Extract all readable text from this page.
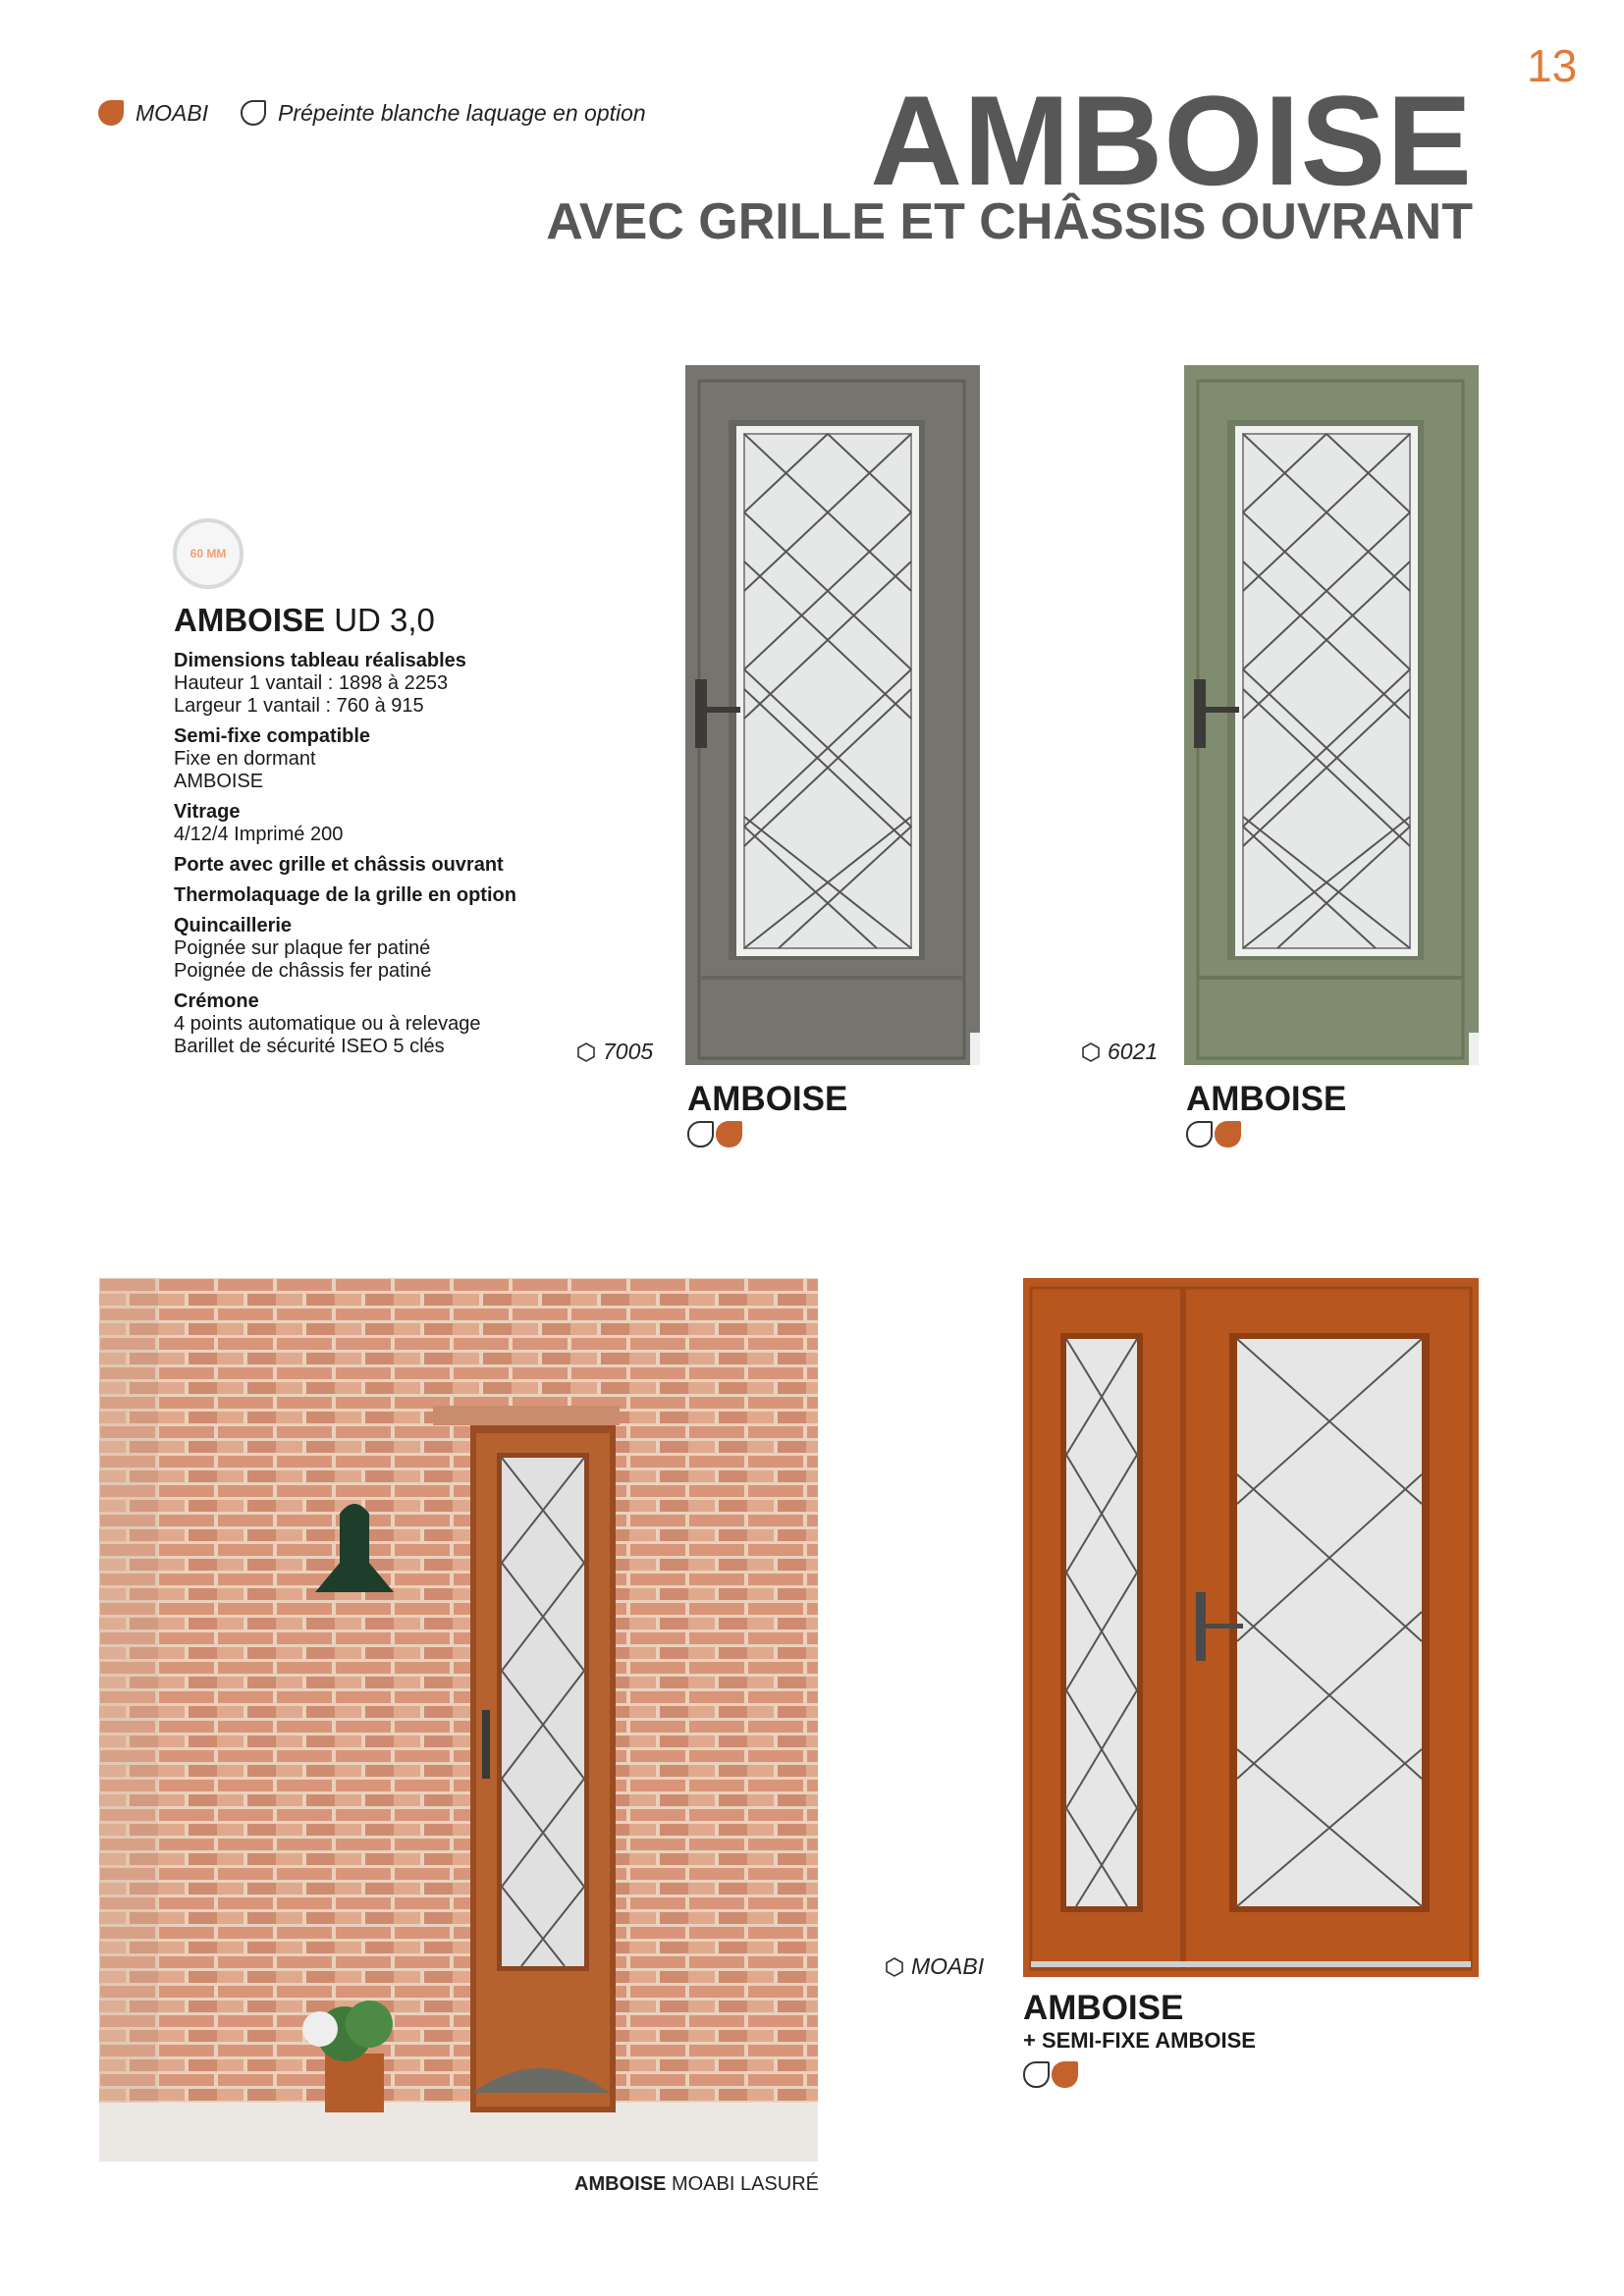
13
MOABI	Prépeinte blanche laquage en option	AMBOISE
AVEC GRILLE ET CHÂSSIS OUVRANT
60 MM
AMBOISE UD 3,0
Dimensions tableau réalisables
Hauteur 1 vantail : 1898 à 2253
Largeur 1 vantail : 760 à 915
Semi-fixe compatible
Fixe en dormant
AMBOISE
Vitrage
4/12/4 Imprimé 200
Porte avec grille et châssis ouvrant
Thermolaquage de la grille en option
Quincaillerie
Poignée sur plaque fer patiné
Poignée de châssis fer patiné
Crémone
4 points automatique ou à relevage
Barillet de sécurité ISEO 5 clés	7005
AMBOISE
6021
AMBOISE
AMBOISE MOABI LASURÉ
MOABI
AMBOISE
+ SEMI-FIXE AMBOISE
